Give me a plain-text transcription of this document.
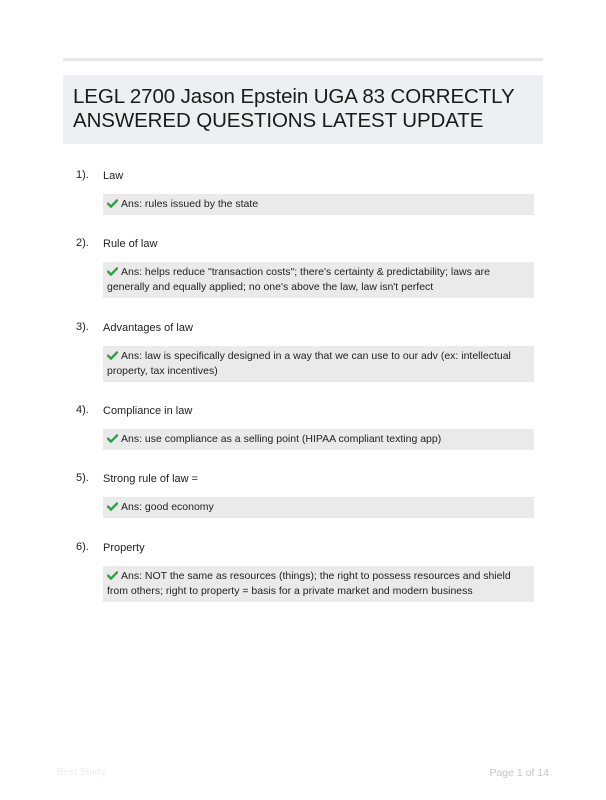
LEGL 2700 Jason Epstein UGA 83 CORRECTLY ANSWERED QUESTIONS LATEST UPDATE
1). Law
Ans: rules issued by the state
2). Rule of law
Ans: helps reduce "transaction costs"; there's certainty & predictability; laws are generally and equally applied; no one's above the law, law isn't perfect
3). Advantages of law
Ans: law is specifically designed in a way that we can use to our adv (ex: intellectual property, tax incentives)
4). Compliance in law
Ans: use compliance as a selling point (HIPAA compliant texting app)
5). Strong rule of law =
Ans: good economy
6). Property
Ans: NOT the same as resources (things); the right to possess resources and shield from others; right to property = basis for a private market and modern business
Best Study	Page 1 of 14
